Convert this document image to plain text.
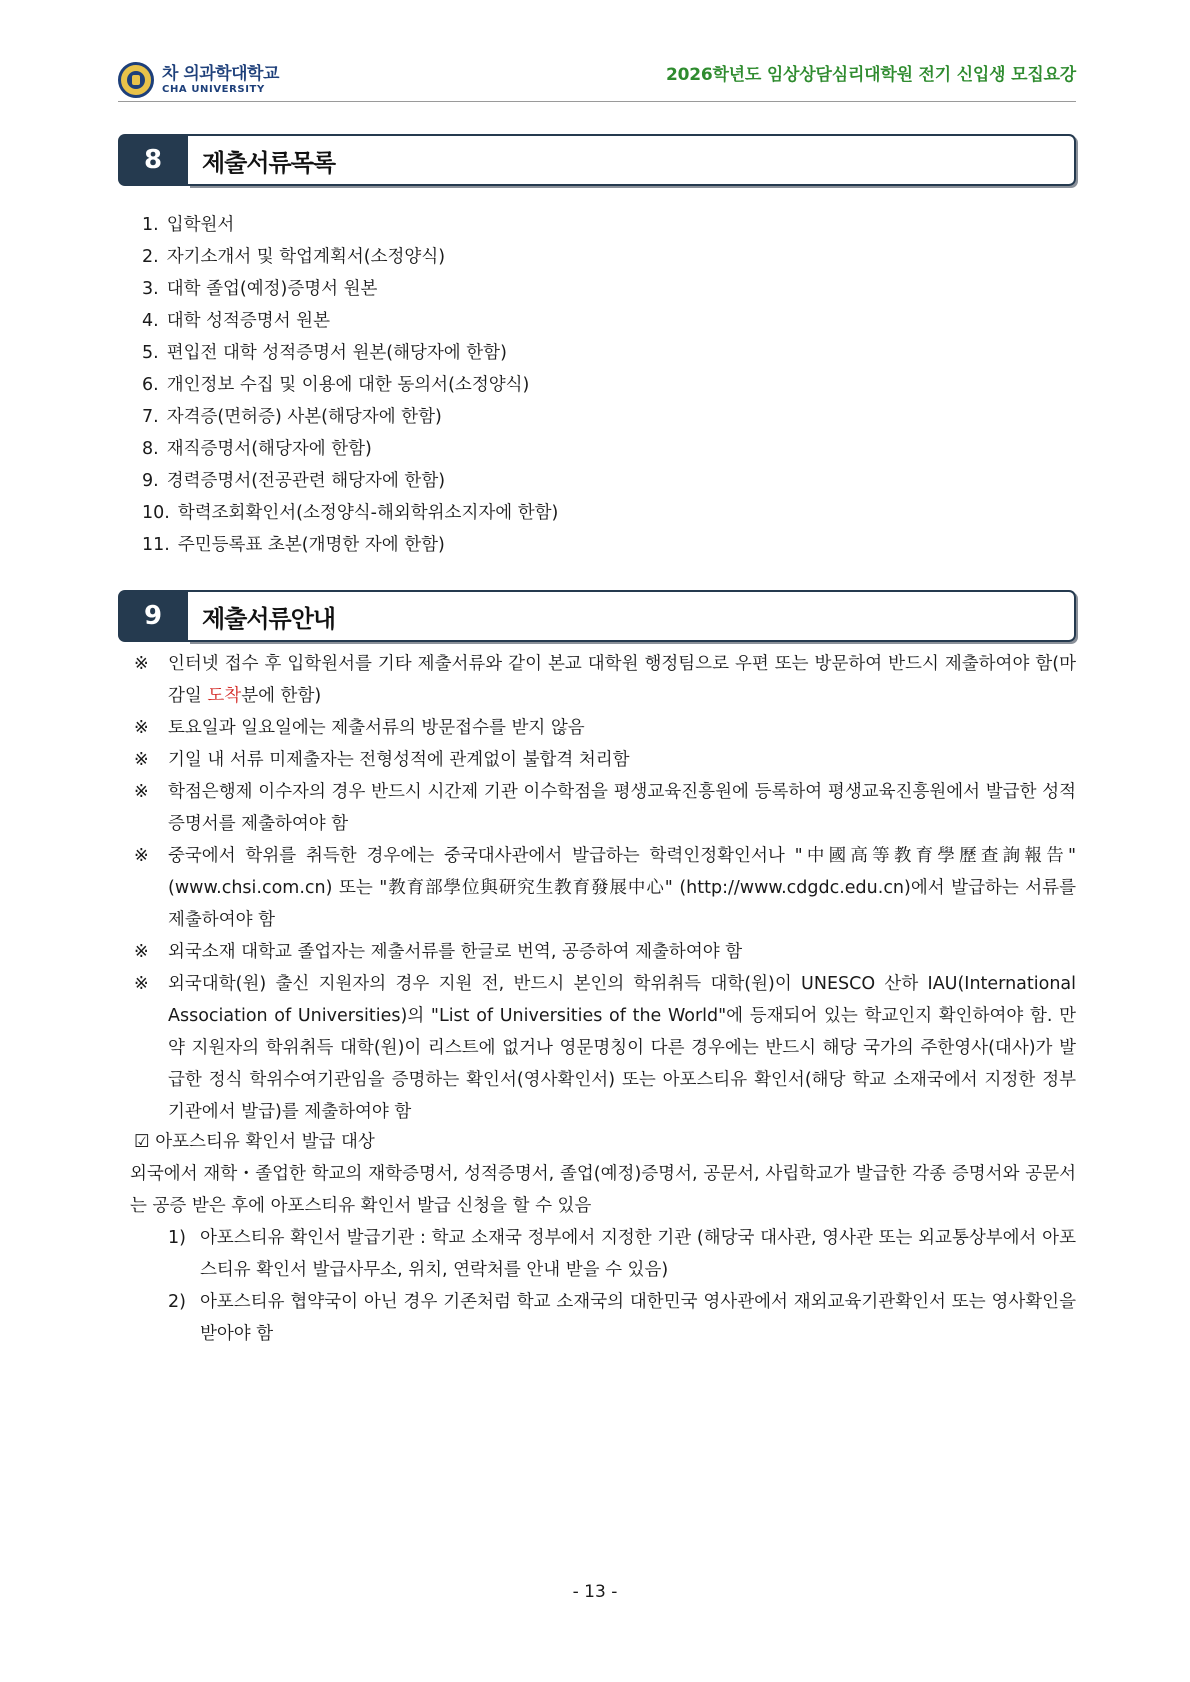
차 의과학대학교
CHA UNIVERSITY
2026학년도 임상상담심리대학원 전기 신입생 모집요강
8	제출서류목록
1. 입학원서
2. 자기소개서 및 학업계획서(소정양식)
3. 대학 졸업(예정)증명서 원본
4. 대학 성적증명서 원본
5. 편입전 대학 성적증명서 원본(해당자에 한함)
6. 개인정보 수집 및 이용에 대한 동의서(소정양식)
7. 자격증(면허증) 사본(해당자에 한함)
8. 재직증명서(해당자에 한함)
9. 경력증명서(전공관련 해당자에 한함)
10. 학력조회확인서(소정양식-해외학위소지자에 한함)
11. 주민등록표 초본(개명한 자에 한함)
9	제출서류안내
※ 인터넷 접수 후 입학원서를 기타 제출서류와 같이 본교 대학원 행정팀으로 우편 또는 방문하여 반드시 제출하여야 함(마감일 도착분에 한함)
※ 토요일과 일요일에는 제출서류의 방문접수를 받지 않음
※ 기일 내 서류 미제출자는 전형성적에 관계없이 불합격 처리함
※ 학점은행제 이수자의 경우 반드시 시간제 기관 이수학점을 평생교육진흥원에 등록하여 평생교육진흥원에서 발급한 성적증명서를 제출하여야 함
※ 중국에서 학위를 취득한 경우에는 중국대사관에서 발급하는 학력인정확인서나 "中國高等教育學歷查詢報告" (www.chsi.com.cn) 또는 "教育部學位與研究生教育發展中心" (http://www.cdgdc.edu.cn)에서 발급하는 서류를 제출하여야 함
※ 외국소재 대학교 졸업자는 제출서류를 한글로 번역, 공증하여 제출하여야 함
※ 외국대학(원) 출신 지원자의 경우 지원 전, 반드시 본인의 학위취득 대학(원)이 UNESCO 산하 IAU(International Association of Universities)의 "List of Universities of the World"에 등재되어 있는 학교인지 확인하여야 함. 만약 지원자의 학위취득 대학(원)이 리스트에 없거나 영문명칭이 다른 경우에는 반드시 해당 국가의 주한영사(대사)가 발급한 정식 학위수여기관임을 증명하는 확인서(영사확인서) 또는 아포스티유 확인서(해당 학교 소재국에서 지정한 정부기관에서 발급)를 제출하여야 함
☑ 아포스티유 확인서 발급 대상
외국에서 재학・졸업한 학교의 재학증명서, 성적증명서, 졸업(예정)증명서, 공문서, 사립학교가 발급한 각종 증명서와 공문서는 공증 받은 후에 아포스티유 확인서 발급 신청을 할 수 있음
1) 아포스티유 확인서 발급기관 : 학교 소재국 정부에서 지정한 기관 (해당국 대사관, 영사관 또는 외교통상부에서 아포스티유 확인서 발급사무소, 위치, 연락처를 안내 받을 수 있음)
2) 아포스티유 협약국이 아닌 경우 기존처럼 학교 소재국의 대한민국 영사관에서 재외교육기관확인서 또는 영사확인을 받아야 함
- 13 -
